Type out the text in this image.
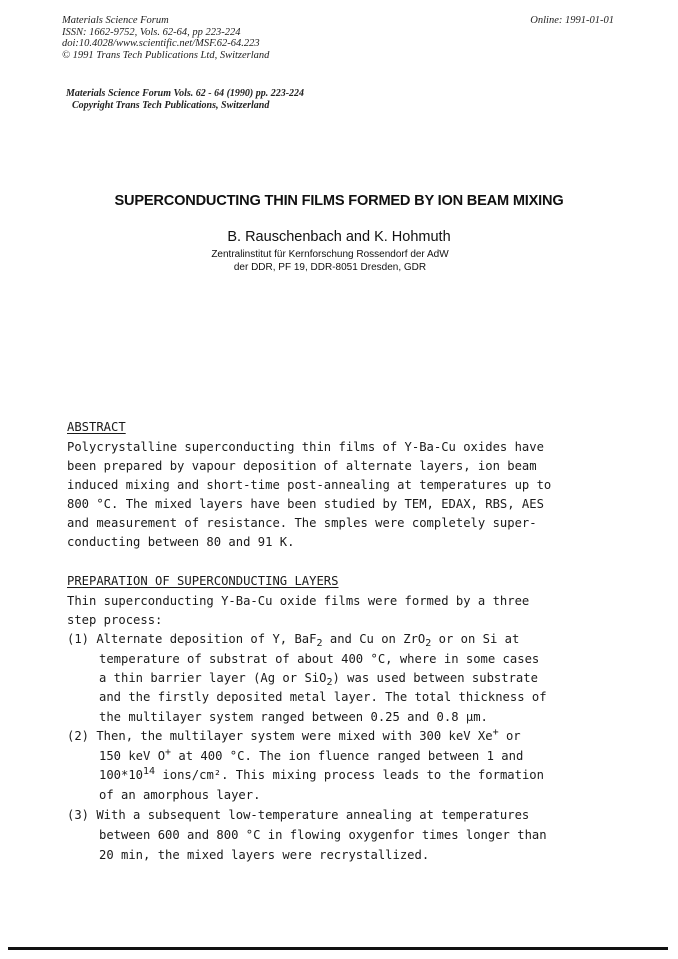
Materials Science Forum
ISSN: 1662-9752, Vols. 62-64, pp 223-224
doi:10.4028/www.scientific.net/MSF.62-64.223
© 1991 Trans Tech Publications Ltd, Switzerland
Online: 1991-01-01
Materials Science Forum Vols. 62 - 64 (1990) pp. 223-224
Copyright Trans Tech Publications, Switzerland
SUPERCONDUCTING THIN FILMS FORMED BY ION BEAM MIXING
B. Rauschenbach and K. Hohmuth
Zentralinstitut für Kernforschung Rossendorf der AdW
der DDR, PF 19, DDR-8051 Dresden, GDR
ABSTRACT
Polycrystalline superconducting thin films of Y-Ba-Cu oxides have
been prepared by vapour deposition of alternate layers, ion beam
induced mixing and short-time post-annealing at temperatures up to
800 °C. The mixed layers have been studied by TEM, EDAX, RBS, AES
and measurement of resistance. The smples were completely super-
conducting between 80 and 91 K.
PREPARATION OF SUPERCONDUCTING LAYERS
Thin superconducting Y-Ba-Cu oxide films were formed by a three
step process:
(1) Alternate deposition of Y, BaF$_2$ and Cu on ZrO$_2$ or on Si at
temperature of substrat of about 400 °C, where in some cases
a thin barrier layer (Ag or SiO$_2$) was used between substrate
and the firstly deposited metal layer. The total thickness of
the multilayer system ranged between 0.25 and 0.8 µm.
(2) Then, the multilayer system were mixed with 300 keV Xe+ or
150 keV O+ at 400 °C. The ion fluence ranged between 1 and
$100*10^{14}$ ions/cm². This mixing process leads to the formation
of an amorphous layer.
(3) With a subsequent low-temperature annealing at temperatures
between 600 and 800 °C in flowing oxygenfor times longer than
20 min, the mixed layers were recrystallized.
